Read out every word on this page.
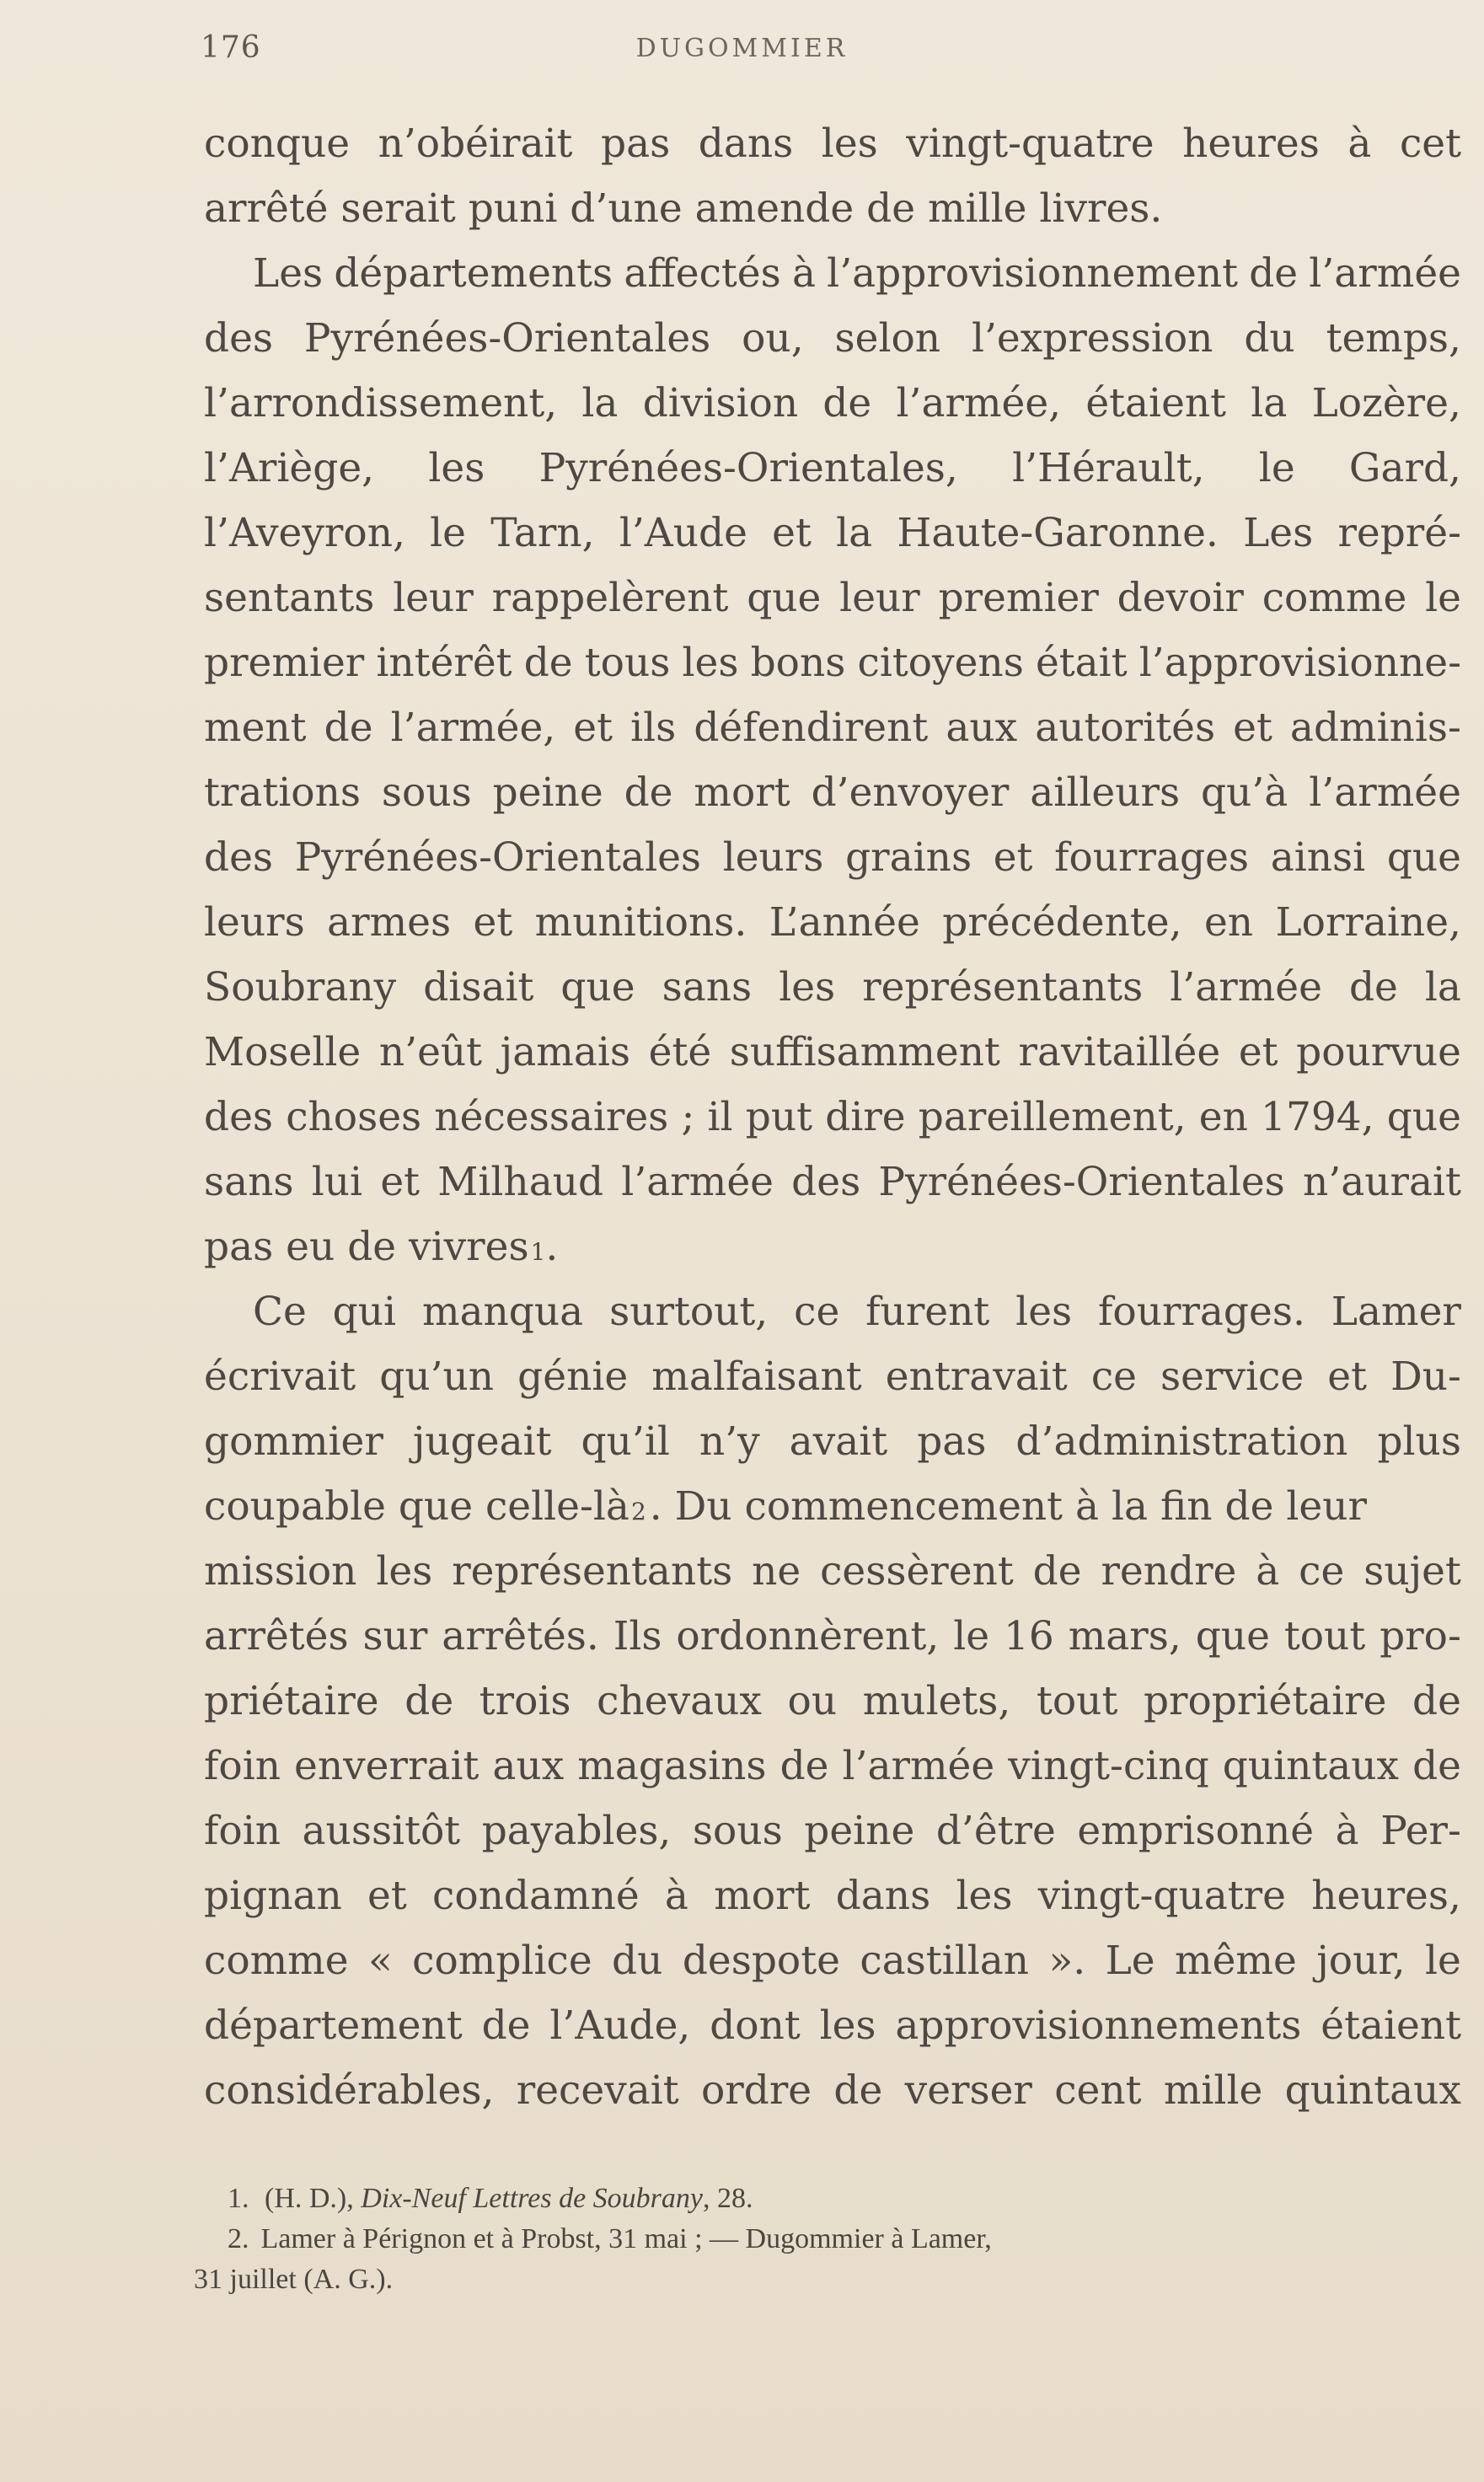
176	DUGOMMIER
conque n’obéirait pas dans les vingt-quatre heures à cet
arrêté serait puni d’une amende de mille livres.
Les départements affectés à l’approvisionnement de l’armée
des Pyrénées-Orientales ou, selon l’expression du temps,
l’arrondissement, la division de l’armée, étaient la Lozère,
l’Ariège, les Pyrénées-Orientales, l’Hérault, le Gard,
l’Aveyron, le Tarn, l’Aude et la Haute-Garonne. Les repré-
sentants leur rappelèrent que leur premier devoir comme le
premier intérêt de tous les bons citoyens était l’approvisionne-
ment de l’armée, et ils défendirent aux autorités et adminis-
trations sous peine de mort d’envoyer ailleurs qu’à l’armée
des Pyrénées-Orientales leurs grains et fourrages ainsi que
leurs armes et munitions. L’année précédente, en Lorraine,
Soubrany disait que sans les représentants l’armée de la
Moselle n’eût jamais été suffisamment ravitaillée et pourvue
des choses nécessaires ; il put dire pareillement, en 1794, que
sans lui et Milhaud l’armée des Pyrénées-Orientales n’aurait
pas eu de vivres 1 .
Ce qui manqua surtout, ce furent les fourrages. Lamer
écrivait qu’un génie malfaisant entravait ce service et Du-
gommier jugeait qu’il n’y avait pas d’administration plus
coupable que celle-là 2 . Du commencement à la fin de leur
mission les représentants ne cessèrent de rendre à ce sujet
arrêtés sur arrêtés. Ils ordonnèrent, le 16 mars, que tout pro-
priétaire de trois chevaux ou mulets, tout propriétaire de
foin enverrait aux magasins de l’armée vingt-cinq quintaux de
foin aussitôt payables, sous peine d’être emprisonné à Per-
pignan et condamné à mort dans les vingt-quatre heures,
comme « complice du despote castillan ». Le même jour, le
département de l’Aude, dont les approvisionnements étaient
considérables, recevait ordre de verser cent mille quintaux
1. (H. D.), Dix-Neuf Lettres de Soubrany, 28.
2. Lamer à Pérignon et à Probst, 31 mai ; — Dugommier à Lamer,
31 juillet (A. G.).
